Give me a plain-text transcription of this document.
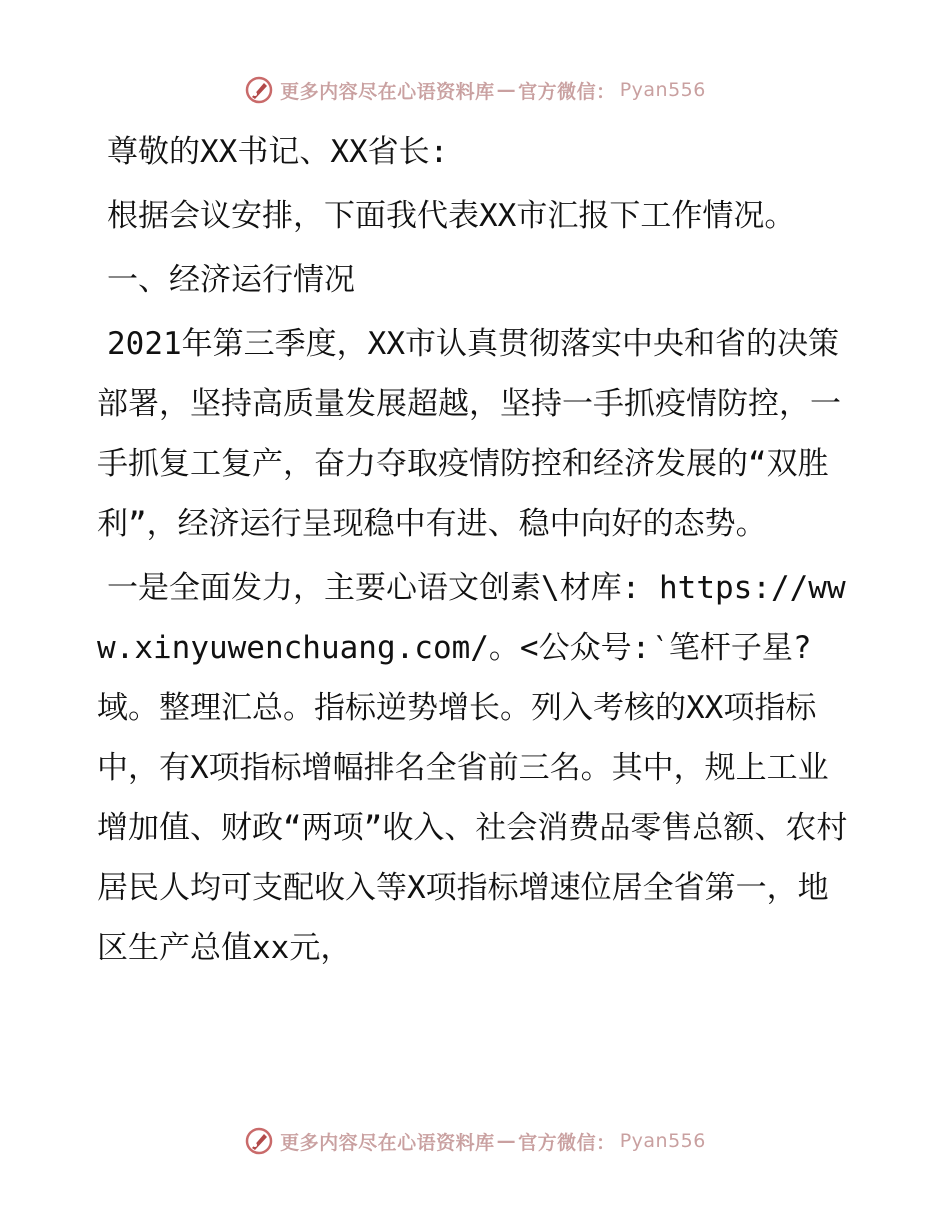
更多内容尽在心语资料库 — 官方微信： Pyan556

尊敬的XX书记、XX省长:

根据会议安排，下面我代表XX市汇报下工作情况。

一、经济运行情况

2021年第三季度，XX市认真贯彻落实中央和省的决策部署，坚持高质量发展超越，坚持一手抓疫情防控，一手抓复工复产，奋力夺取疫情防控和经济发展的“双胜利”，经济运行呈现稳中有进、稳中向好的态势。

一是全面发力，主要心语文创素\材库: https://www.xinyuwenchuang.com/。<公众号:‵笔杆子星?域。整理汇总。指标逆势增长。列入考核的XX项指标中，有X项指标增幅排名全省前三名。其中，规上工业增加值、财政“两项”收入、社会消费品零售总额、农村居民人均可支配收入等X项指标增速位居全省第一，地区生产总值xx元，

更多内容尽在心语资料库 — 官方微信： Pyan556
